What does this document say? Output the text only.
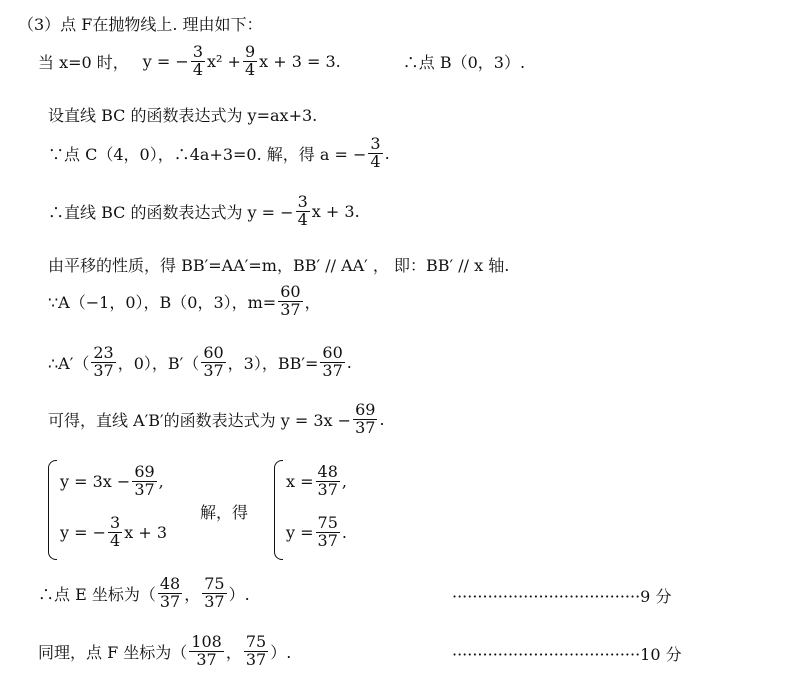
（3）点 F在抛物线上. 理由如下：
当 x=0 时， y = − $\frac{3}{4} x^2 + \frac{9}{4}$ x + 3 = 3.	∴点 B（0，3）.
设直线 BC 的函数表达式为 y=ax+3.
∵点 C（4，0），∴4a+3=0. 解，得 a = − $\frac{3}{4}$ .
∴直线 BC 的函数表达式为 y = − $\frac{3}{4}$ x + 3.
由平移的性质，得 BB′=AA′=m，BB′ // AA′ ， 即：BB′ // x 轴.
∵A（−1，0），B（0，3），$m= \frac{60}{37}$ ，
∴A′（ $\frac{23}{37}$ ，0），$B'( \frac{60}{37}$ ，3），$BB'= \frac{60}{37}$ .
可得，直线 A′B′的函数表达式为 $y = 3x - \frac{69}{37}$ .
$y = 3x - \frac{69}{37}$ ,
y = − $\frac{3}{4}$ x + 3
解，得
$x = \frac{48}{37}$ ,
$y = \frac{75}{37}$ .
∴点 E 坐标为（ $\frac{48}{37}$ ， $\frac{75}{37}$ ）.	·····································9 分
同理，点 F 坐标为（ $\frac{108}{37}$ ， $\frac{75}{37}$ ）.	·····································10 分
